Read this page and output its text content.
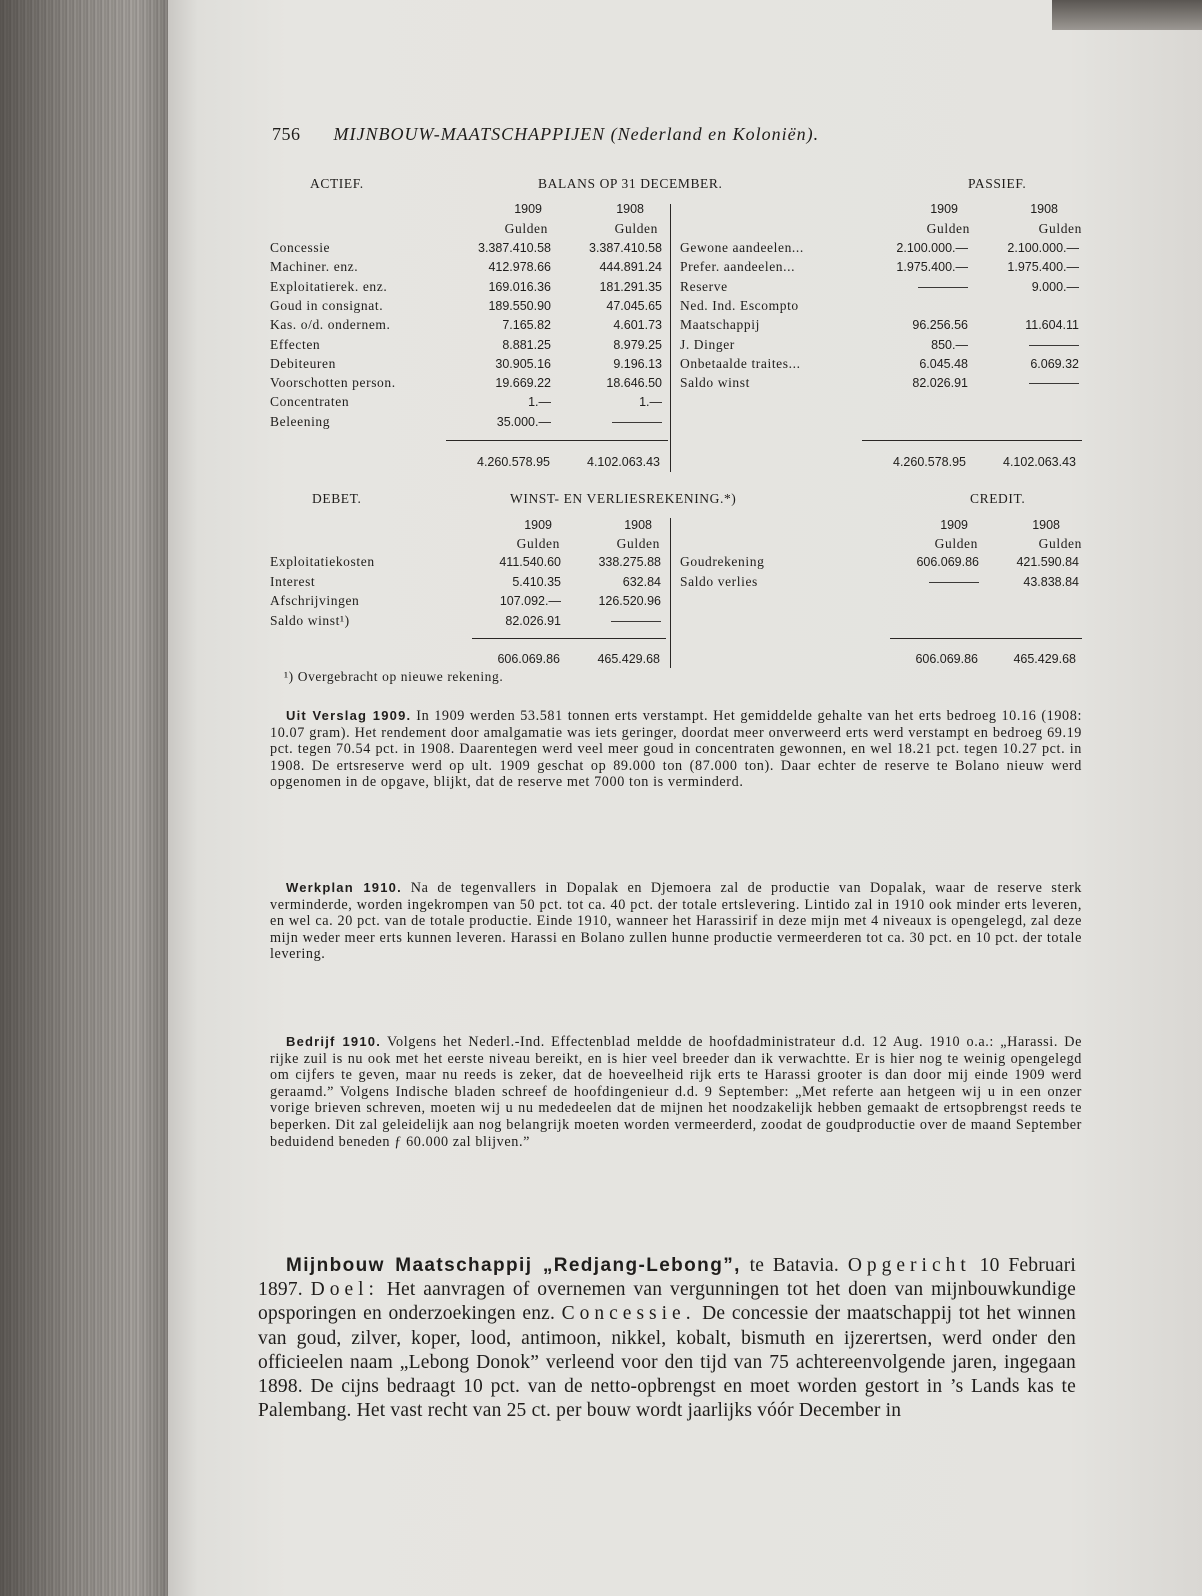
756 MIJNBOUW-MAATSCHAPPIJEN (Nederland en Koloniën).
ACTIEF.	BALANS OP 31 DECEMBER.	PASSIEF.
1909	1908	1909	1908
Gulden	Gulden	Gulden	Gulden
Concessie	3.387.410.58	3.387.410.58
Machiner. enz.	412.978.66	444.891.24
Exploitatierek. enz.	169.016.36	181.291.35
Goud in consignat.	189.550.90	47.045.65
Kas. o/d. ondernem.	7.165.82	4.601.73
Effecten	8.881.25	8.979.25
Debiteuren	30.905.16	9.196.13
Voorschotten person.	19.669.22	18.646.50
Concentraten	1.—	1.—
Beleening	35.000.—	————
Gewone aandeelen...	2.100.000.—	2.100.000.—
Prefer. aandeelen...	1.975.400.—	1.975.400.—
Reserve	————	9.000.—
Ned. Ind. Escompto
Maatschappij	96.256.56	11.604.11
J. Dinger	850.—	————
Onbetaalde traites...	6.045.48	6.069.32
Saldo winst	82.026.91	————
4.260.578.95	4.102.063.43	4.260.578.95	4.102.063.43
DEBET.	WINST- EN VERLIESREKENING.*)	CREDIT.
1909	1908	1909	1908
Gulden	Gulden	Gulden	Gulden
Exploitatiekosten	411.540.60	338.275.88
Interest	5.410.35	632.84
Afschrijvingen	107.092.—	126.520.96
Saldo winst¹)	82.026.91	————
Goudrekening	606.069.86	421.590.84
Saldo verlies	————	43.838.84
606.069.86	465.429.68	606.069.86	465.429.68
¹) Overgebracht op nieuwe rekening.
Uit Verslag 1909. In 1909 werden 53.581 tonnen erts verstampt. Het gemiddelde gehalte van het erts bedroeg 10.16 (1908: 10.07 gram). Het rendement door amalgamatie was iets geringer, doordat meer onverweerd erts werd verstampt en bedroeg 69.19 pct. tegen 70.54 pct. in 1908. Daarentegen werd veel meer goud in concentraten gewonnen, en wel 18.21 pct. tegen 10.27 pct. in 1908. De ertsreserve werd op ult. 1909 geschat op 89.000 ton (87.000 ton). Daar echter de reserve te Bolano nieuw werd opgenomen in de opgave, blijkt, dat de reserve met 7000 ton is verminderd.
Werkplan 1910. Na de tegenvallers in Dopalak en Djemoera zal de productie van Dopalak, waar de reserve sterk verminderde, worden ingekrompen van 50 pct. tot ca. 40 pct. der totale ertslevering. Lintido zal in 1910 ook minder erts leveren, en wel ca. 20 pct. van de totale productie. Einde 1910, wanneer het Harassirif in deze mijn met 4 niveaux is opengelegd, zal deze mijn weder meer erts kunnen leveren. Harassi en Bolano zullen hunne productie vermeerderen tot ca. 30 pct. en 10 pct. der totale levering.
Bedrijf 1910. Volgens het Nederl.-Ind. Effectenblad meldde de hoofdadministrateur d.d. 12 Aug. 1910 o.a.: „Harassi. De rijke zuil is nu ook met het eerste niveau bereikt, en is hier veel breeder dan ik verwachtte. Er is hier nog te weinig opengelegd om cijfers te geven, maar nu reeds is zeker, dat de hoeveelheid rijk erts te Harassi grooter is dan door mij einde 1909 werd geraamd.” Volgens Indische bladen schreef de hoofdingenieur d.d. 9 September: „Met referte aan hetgeen wij u in een onzer vorige brieven schreven, moeten wij u nu mededeelen dat de mijnen het noodzakelijk hebben gemaakt de ertsopbrengst reeds te beperken. Dit zal geleidelijk aan nog belangrijk moeten worden vermeerderd, zoodat de goudproductie over de maand September beduidend beneden ƒ 60.000 zal blijven.”
Mijnbouw Maatschappij „Redjang-Lebong”, te Batavia. Opgericht 10 Februari 1897. Doel: Het aanvragen of overnemen van vergunningen tot het doen van mijnbouwkundige opsporingen en onderzoekingen enz. Concessie. De concessie der maatschappij tot het winnen van goud, zilver, koper, lood, antimoon, nikkel, kobalt, bismuth en ijzerertsen, werd onder den officieelen naam „Lebong Donok” verleend voor den tijd van 75 achtereenvolgende jaren, ingegaan 1898. De cijns bedraagt 10 pct. van de netto-opbrengst en moet worden gestort in ’s Lands kas te Palembang. Het vast recht van 25 ct. per bouw wordt jaarlijks vóór December in
